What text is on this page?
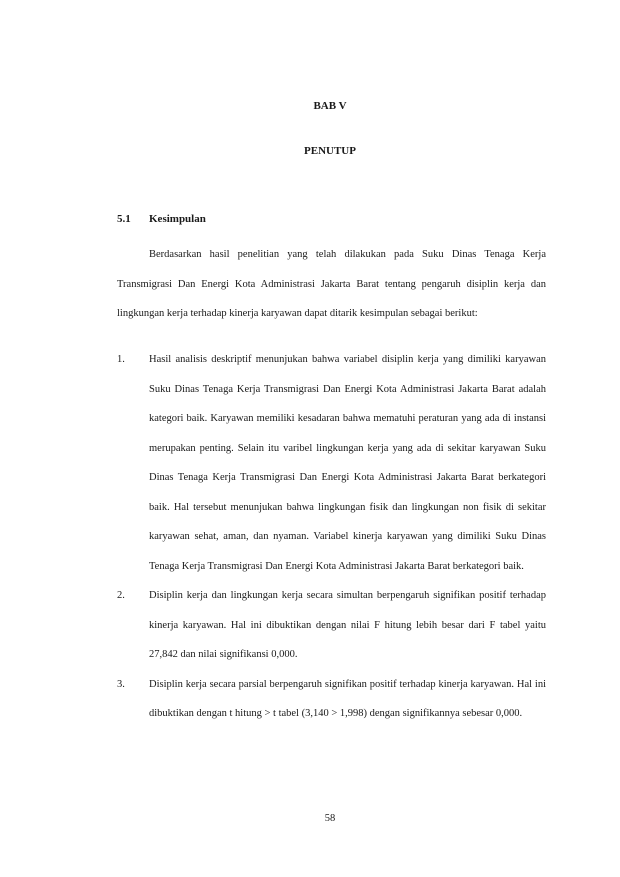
BAB V
PENUTUP
5.1 Kesimpulan

Berdasarkan hasil penelitian yang telah dilakukan pada Suku Dinas Tenaga Kerja Transmigrasi Dan Energi Kota Administrasi Jakarta Barat tentang pengaruh disiplin kerja dan lingkungan kerja terhadap kinerja karyawan dapat ditarik kesimpulan sebagai berikut:

1. Hasil analisis deskriptif menunjukan bahwa variabel disiplin kerja yang dimiliki karyawan Suku Dinas Tenaga Kerja Transmigrasi Dan Energi Kota Administrasi Jakarta Barat adalah kategori baik. Karyawan memiliki kesadaran bahwa mematuhi peraturan yang ada di instansi merupakan penting. Selain itu varibel lingkungan kerja yang ada di sekitar karyawan Suku Dinas Tenaga Kerja Transmigrasi Dan Energi Kota Administrasi Jakarta Barat berkategori baik. Hal tersebut menunjukan bahwa lingkungan fisik dan lingkungan non fisik di sekitar karyawan sehat, aman, dan nyaman. Variabel kinerja karyawan yang dimiliki Suku Dinas Tenaga Kerja Transmigrasi Dan Energi Kota Administrasi Jakarta Barat berkategori baik.
2. Disiplin kerja dan lingkungan kerja secara simultan berpengaruh signifikan positif terhadap kinerja karyawan. Hal ini dibuktikan dengan nilai F hitung lebih besar dari F tabel yaitu 27,842 dan nilai signifikansi 0,000.
3. Disiplin kerja secara parsial berpengaruh signifikan positif terhadap kinerja karyawan. Hal ini dibuktikan dengan t hitung > t tabel (3,140 > 1,998) dengan signifikannya sebesar 0,000.
58
